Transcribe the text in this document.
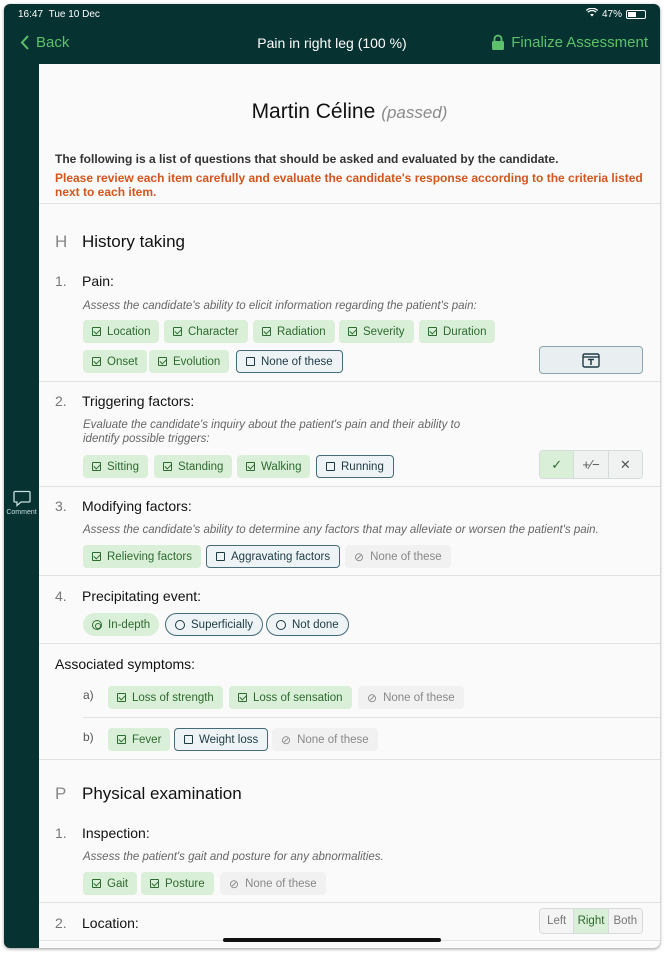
16:47 Tue 10 Dec	47%
Back	Pain in right leg (100 %)	Finalize Assessment
Comment
Martin Céline (passed)
The following is a list of questions that should be asked and evaluated by the candidate.
Please review each item carefully and evaluate the candidate's response according to the criteria listed next to each item.
H History taking
1. Pain:
Assess the candidate's ability to elicit information regarding the patient's pain:
Location	Character	Radiation	Severity	Duration
Onset	Evolution	None of these
2. Triggering factors:
Evaluate the candidate's inquiry about the patient's pain and their ability to
identify possible triggers:
Sitting	Standing	Walking	Running	✓	+⁄−	✕
3. Modifying factors:
Assess the candidate's ability to determine any factors that may alleviate or worsen the patient's pain.
Relieving factors	Aggravating factors ⊘ None of these
4. Precipitating event:
In-depth	Superficially	Not done
Associated symptoms:
a)	Loss of strength	Loss of sensation ⊘ None of these
b)	Fever	Weight loss ⊘ None of these
P Physical examination
1. Inspection:
Assess the patient's gait and posture for any abnormalities.
Gait	Posture ⊘ None of these
2. Location:	Left Right Both
